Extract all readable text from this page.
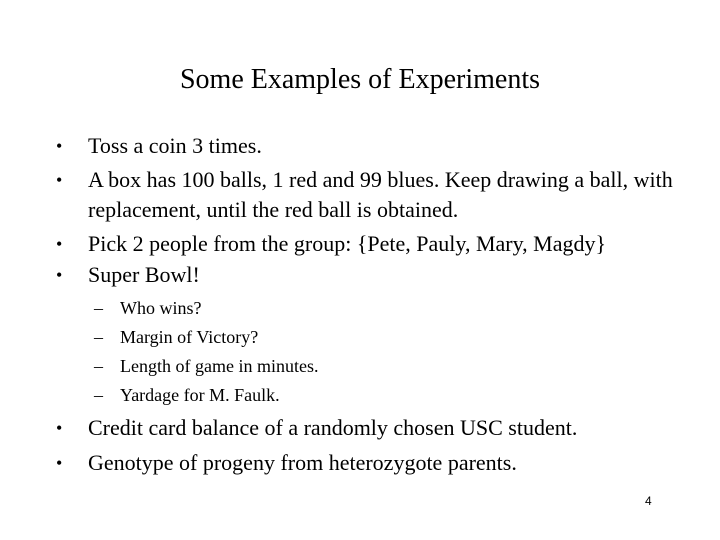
Some Examples of Experiments
•	Toss a coin 3 times.
•	A box has 100 balls, 1 red and 99 blues. Keep drawing a ball, with replacement, until the red ball is obtained.
•	Pick 2 people from the group: {Pete, Pauly, Mary, Magdy}
•	Super Bowl!
– Who wins?
– Margin of Victory?
– Length of game in minutes.
– Yardage for M. Faulk.
•	Credit card balance of a randomly chosen USC student.
•	Genotype of progeny from heterozygote parents.
4
